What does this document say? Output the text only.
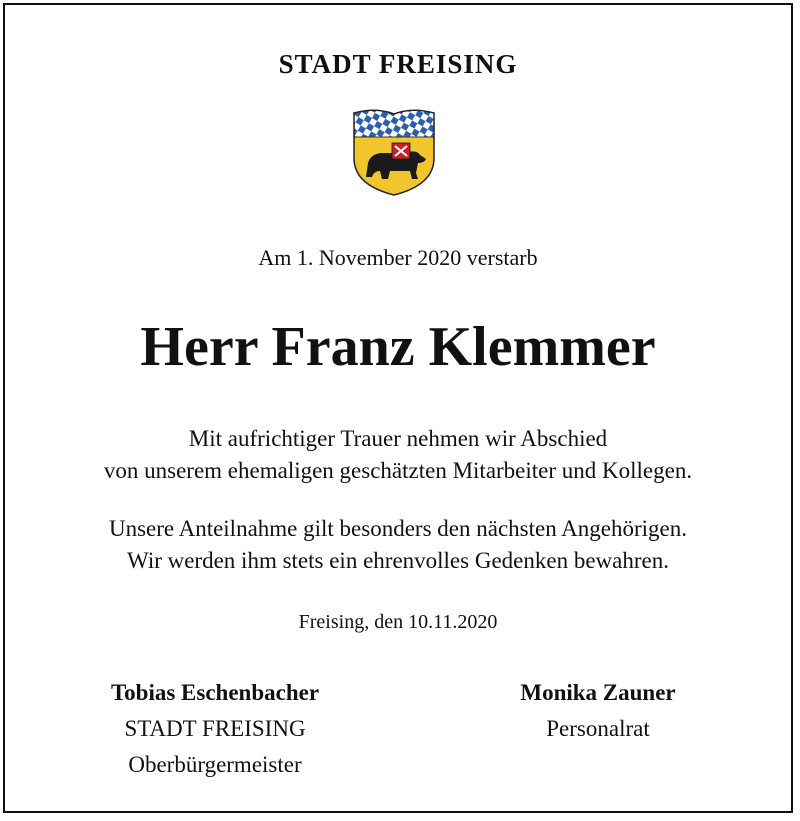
STADT FREISING
Am 1. November 2020 verstarb
Herr Franz Klemmer
Mit aufrichtiger Trauer nehmen wir Abschied
von unserem ehemaligen geschätzten Mitarbeiter und Kollegen.
Unsere Anteilnahme gilt besonders den nächsten Angehörigen.
Wir werden ihm stets ein ehrenvolles Gedenken bewahren.
Freising, den 10.11.2020
Tobias Eschenbacher
STADT FREISING
Oberbürgermeister
Monika Zauner
Personalrat
